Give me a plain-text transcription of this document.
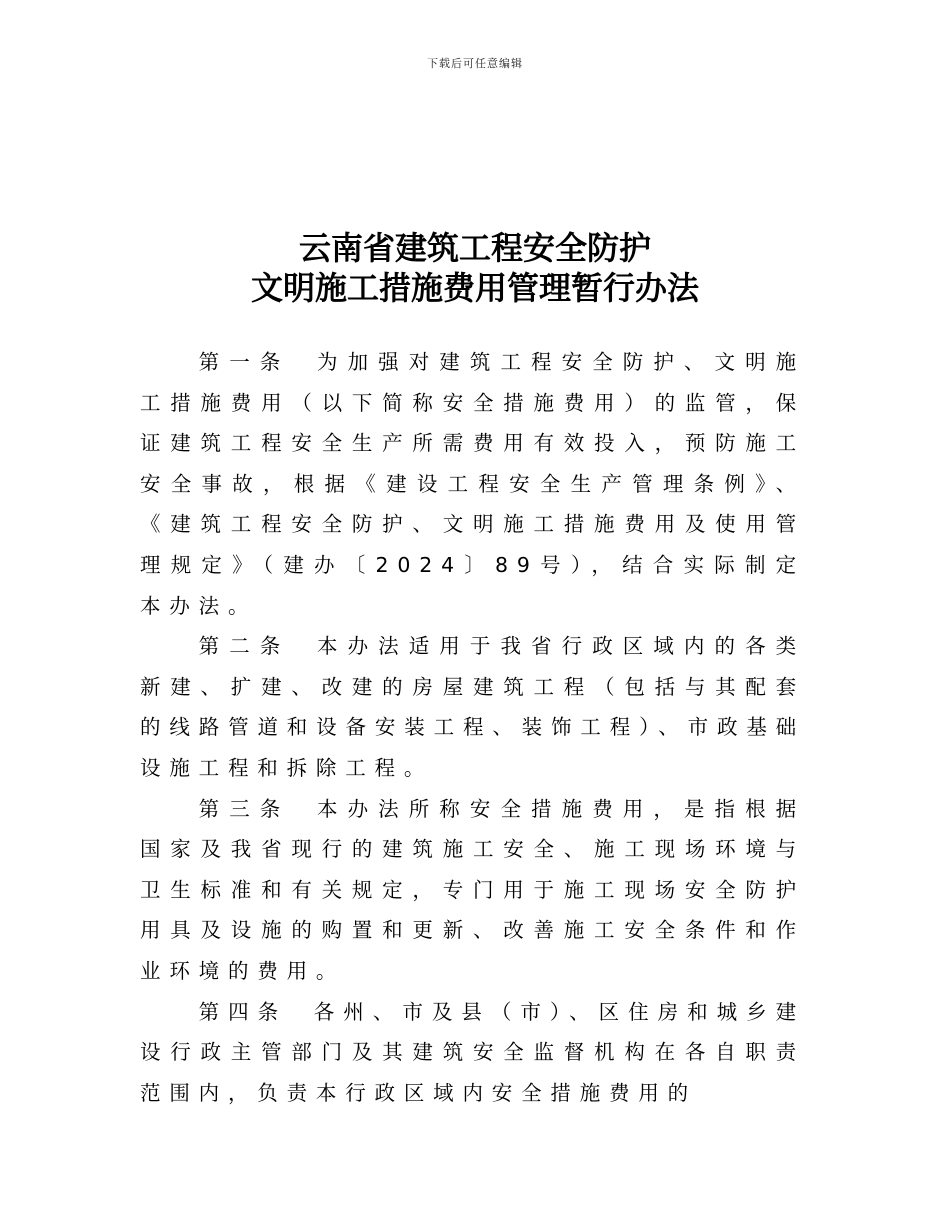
下载后可任意编辑
云南省建筑工程安全防护
文明施工措施费用管理暂行办法

第一条 为加强对建筑工程安全防护、文明施工措施费用（以下简称安全措施费用）的监管，保证建筑工程安全生产所需费用有效投入，预防施工安全事故，根据《建设工程安全生产管理条例》、《建筑工程安全防护、文明施工措施费用及使用管理规定》（建办〔2024〕89号），结合实际制定本办法。

第二条 本办法适用于我省行政区域内的各类新建、扩建、改建的房屋建筑工程（包括与其配套的线路管道和设备安装工程、装饰工程）、市政基础设施工程和拆除工程。

第三条 本办法所称安全措施费用，是指根据国家及我省现行的建筑施工安全、施工现场环境与卫生标准和有关规定，专门用于施工现场安全防护用具及设施的购置和更新、改善施工安全条件和作业环境的费用。

第四条 各州、市及县（市）、区住房和城乡建设行政主管部门及其建筑安全监督机构在各自职责范围内，负责本行政区域内安全措施费用的
